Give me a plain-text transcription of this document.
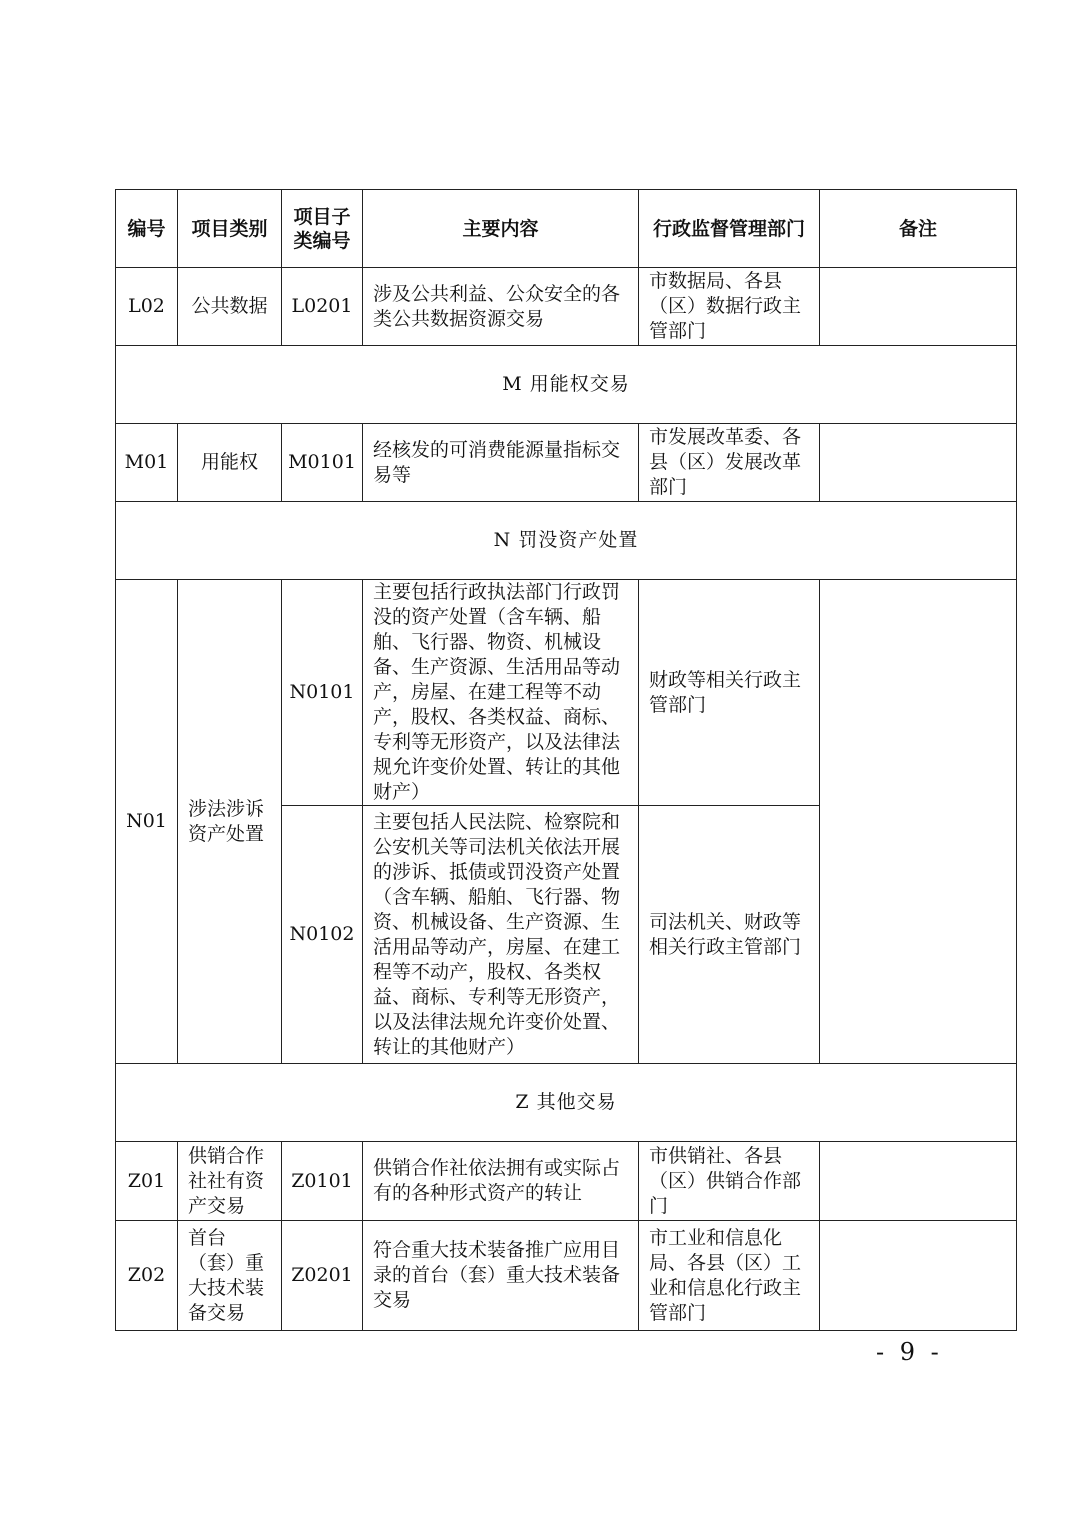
编号	项目类别	项目子类编号	主要内容	行政监督管理部门	备注
L02	公共数据	L0201	涉及公共利益、公众安全的各类公共数据资源交易	市数据局、各县（区）数据行政主管部门	
M 用能权交易					
M01	用能权	M0101	经核发的可消费能源量指标交易等	市发展改革委、各县（区）发展改革部门	
N 罚没资产处置					
N01	涉法涉诉资产处置	N0101	主要包括行政执法部门行政罚没的资产处置（含车辆、船舶、飞行器、物资、机械设备、生产资源、生活用品等动产，房屋、在建工程等不动产，股权、各类权益、商标、专利等无形资产，以及法律法规允许变价处置、转让的其他财产）	财政等相关行政主管部门	
		N0102	主要包括人民法院、检察院和公安机关等司法机关依法开展的涉诉、抵债或罚没资产处置（含车辆、船舶、飞行器、物资、机械设备、生产资源、生活用品等动产，房屋、在建工程等不动产，股权、各类权益、商标、专利等无形资产，以及法律法规允许变价处置、转让的其他财产）	司法机关、财政等相关行政主管部门	
Z 其他交易					
Z01	供销合作社社有资产交易	Z0101	供销合作社依法拥有或实际占有的各种形式资产的转让	市供销社、各县（区）供销合作部门	
Z02	首台（套）重大技术装备交易	Z0201	符合重大技术装备推广应用目录的首台（套）重大技术装备交易	市工业和信息化局、各县（区）工业和信息化行政主管部门	
- 9 -
